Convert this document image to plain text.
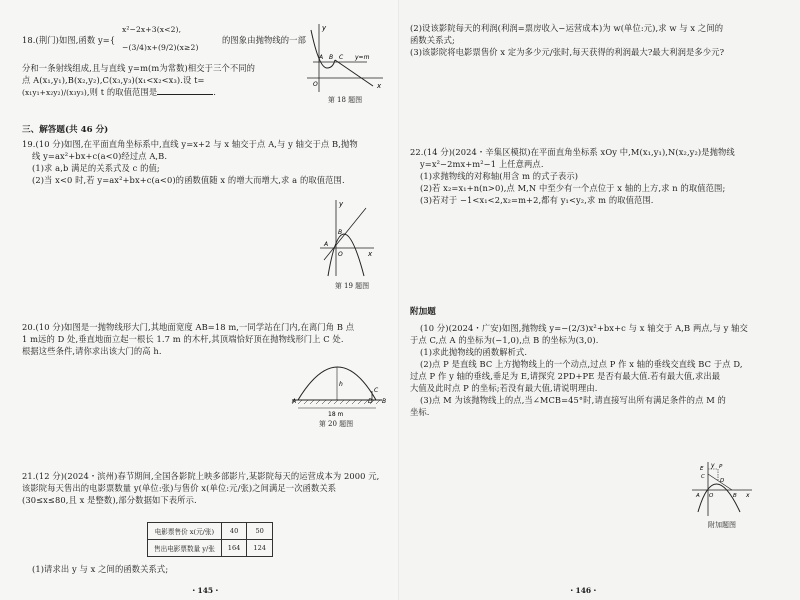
18.(荆门)如图,函数 y={
x²−2x+3(x<2),
−(3/4)x+(9/2)(x≥2)
的图象由抛物线的一部

分和一条射线组成,且与直线 y=m(m为常数)相交于三个不同的

点 A(x₁,y₁),B(x₂,y₂),C(x₃,y₃)(x₁<x₂<x₃).设 t=

(x₁y₁+x₂y₂)/(x₃y₃),则 t 的取值范围是	.

y
A B C y=m
O	x
第 18 题图
三、解答题(共 46 分)

19.(10 分)如图,在平面直角坐标系中,直线 y=x+2 与 x 轴交于点 A,与 y 轴交于点 B,抛物

线 y=ax²+bx+c(a<0)经过点 A,B.

(1)求 a,b 满足的关系式及 c 的值;

(2)当 x<0 时,若 y=ax²+bx+c(a<0)的函数值随 x 的增大而增大,求 a 的取值范围.

y
B
A
O	x
第 19 题图

20.(10 分)如图是一抛物线形大门,其地面宽度 AB=18 m,一同学站在门内,在离门角 B 点

1 m远的 D 处,垂直地面立起一根长 1.7 m 的木杆,其顶端恰好顶在抛物线形门上 C 处.

根据这些条件,请你求出该大门的高 h.

A	B
C
D
h
18 m
第 20 题图

21.(12 分)(2024・滨州)春节期间,全国各影院上映多部影片,某影院每天的运营成本为 2000 元,

该影院每天售出的电影票数量 y(单位:张)与售价 x(单位:元/张)之间满足一次函数关系

(30≤x≤80,且 x 是整数),部分数据如下表所示.

电影票售价 x(元/张)	40	50
售出电影票数量 y/张	164	124
(1)请求出 y 与 x 之间的函数关系式;
・145・

(2)设该影院每天的利润(利润=票房收入−运营成本)为 w(单位:元),求 w 与 x 之间的

函数关系式;

(3)该影院将电影票售价 x 定为多少元/张时,每天获得的利润最大?最大利润是多少元?

22.(14 分)(2024・辛集区模拟)在平面直角坐标系 xOy 中,M(x₁,y₁),N(x₂,y₂)是抛物线

y=x²−2mx+m²−1 上任意两点.

(1)求抛物线的对称轴(用含 m 的式子表示)

(2)若 x₂=x₁+n(n>0),点 M,N 中至少有一个点位于 x 轴的上方,求 n 的取值范围;

(3)若对于 −1<x₁<2,x₂=m+2,都有 y₁<y₂,求 m 的取值范围.

附加题

(10 分)(2024・广安)如图,抛物线 y=−(2/3)x²+bx+c 与 x 轴交于 A,B 两点,与 y 轴交

于点 C,点 A 的坐标为(−1,0),点 B 的坐标为(3,0).

(1)求此抛物线的函数解析式.

(2)点 P 是直线 BC 上方抛物线上的一个动点,过点 P 作 x 轴的垂线交直线 BC 于点 D,

过点 P 作 y 轴的垂线,垂足为 E,请探究 2PD+PE 是否有最大值.若有最大值,求出最

大值及此时点 P 的坐标;若没有最大值,请说明理由.

(3)点 M 为该抛物线上的点,当∠MCB=45°时,请直接写出所有满足条件的点 M 的

坐标.

y
E	P
C
D
A O	B x
附加题图
・146・
